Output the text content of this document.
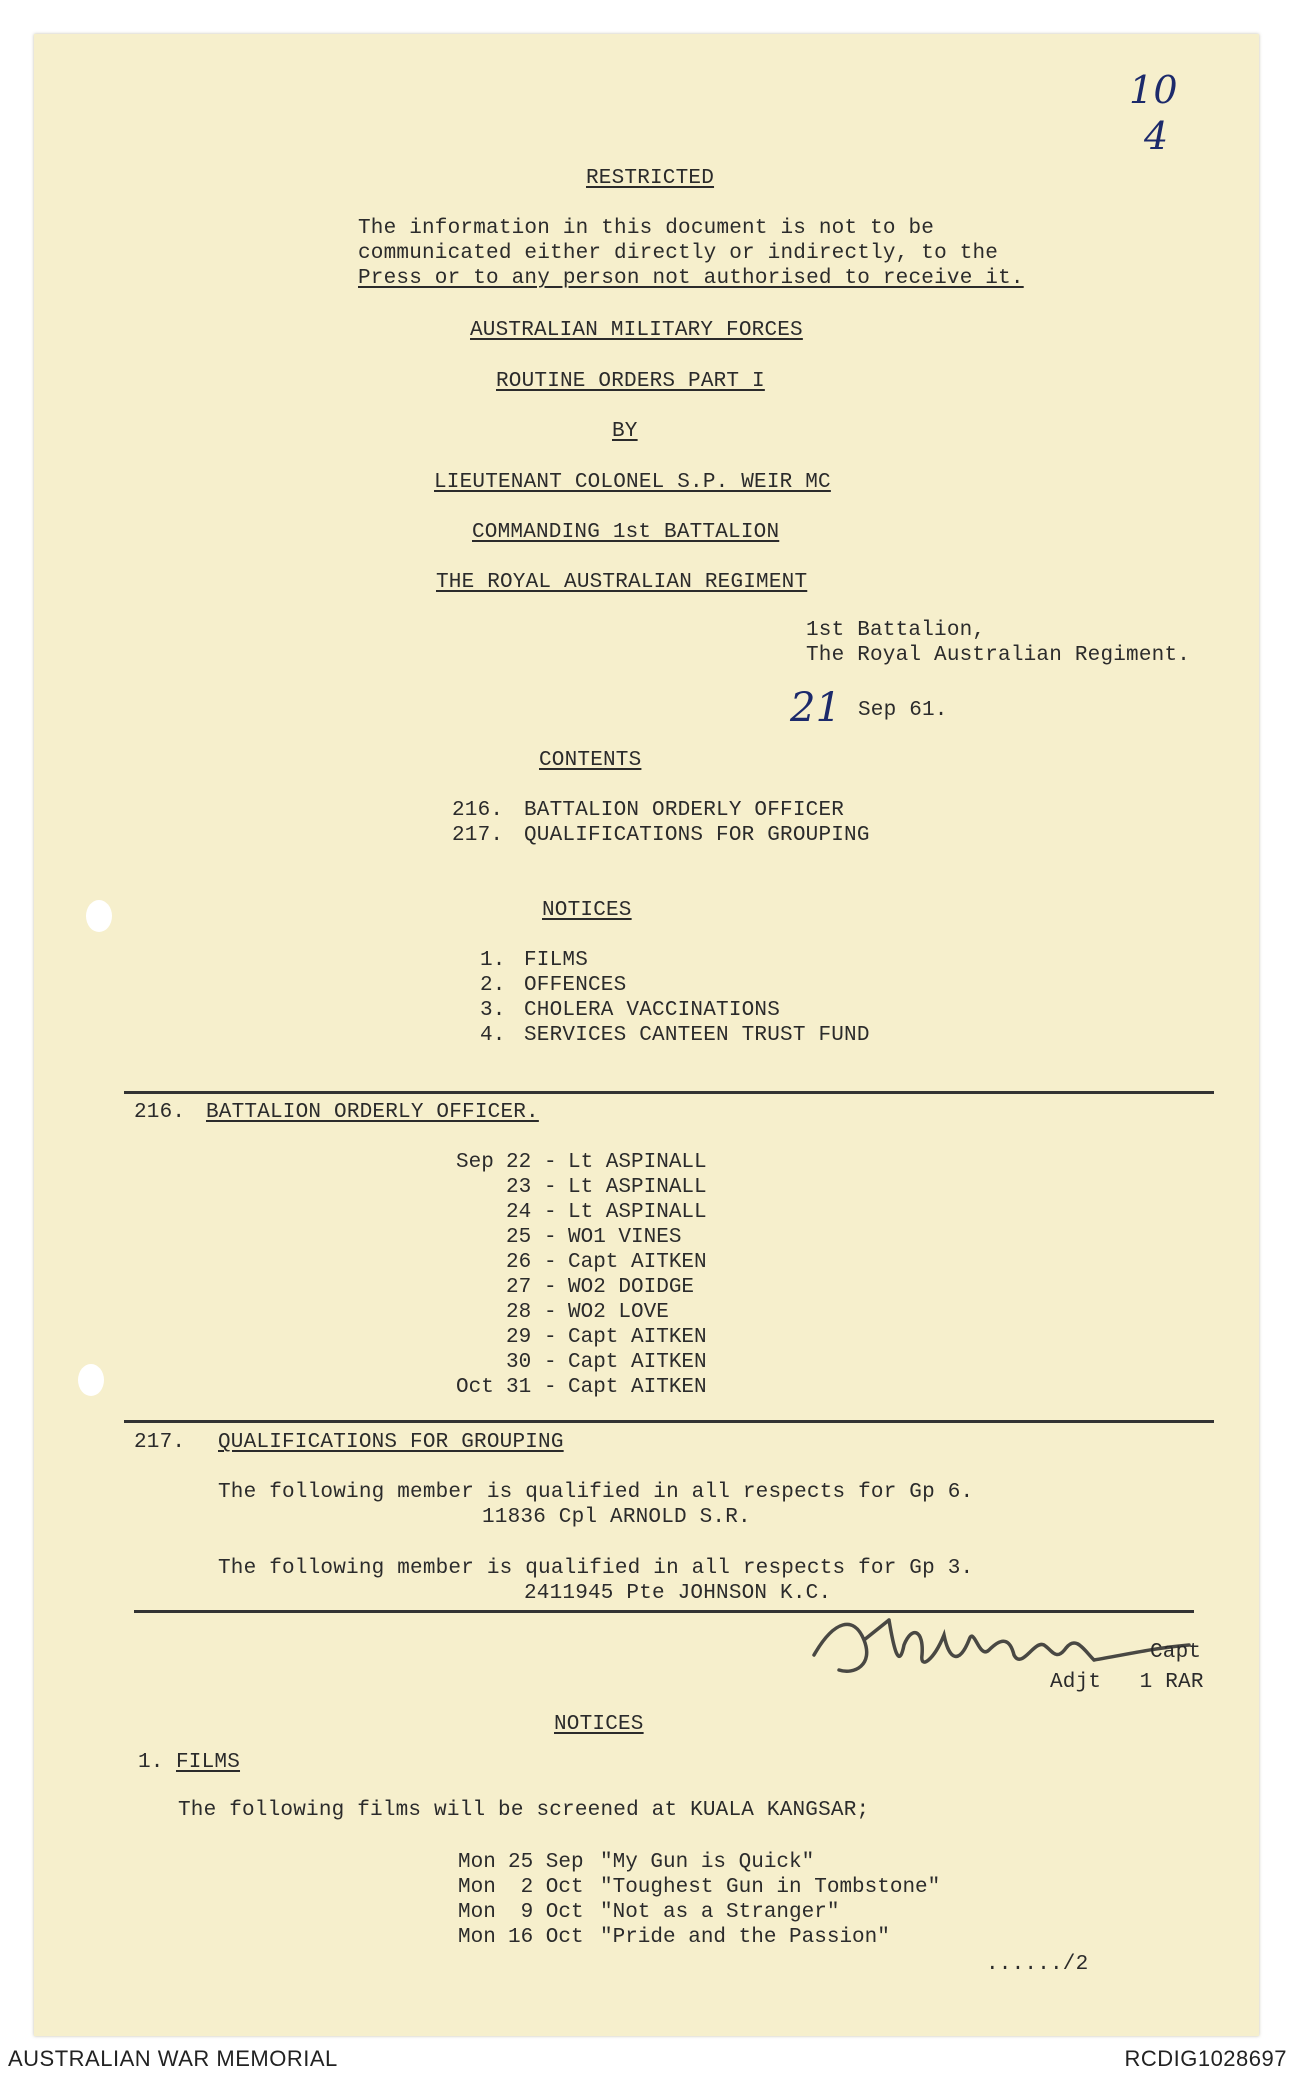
10
4
RESTRICTED
The information in this document is not to be
communicated either directly or indirectly, to the
Press or to any person not authorised to receive it.
AUSTRALIAN MILITARY FORCES
ROUTINE ORDERS PART I
BY
LIEUTENANT COLONEL S.P. WEIR MC
COMMANDING 1st BATTALION
THE ROYAL AUSTRALIAN REGIMENT
1st Battalion,
The Royal Australian Regiment.
21 Sep 61.
CONTENTS
216. BATTALION ORDERLY OFFICER
217. QUALIFICATIONS FOR GROUPING
NOTICES
1. FILMS
2. OFFENCES
3. CHOLERA VACCINATIONS
4. SERVICES CANTEEN TRUST FUND
216. BATTALION ORDERLY OFFICER.
Sep 22 - Lt ASPINALL
23 - Lt ASPINALL
24 - Lt ASPINALL
25 - WO1 VINES
26 - Capt AITKEN
27 - WO2 DOIDGE
28 - WO2 LOVE
29 - Capt AITKEN
30 - Capt AITKEN
Oct 31 - Capt AITKEN
217. QUALIFICATIONS FOR GROUPING
The following member is qualified in all respects for Gp 6.
11836 Cpl ARNOLD S.R.
The following member is qualified in all respects for Gp 3.
2411945 Pte JOHNSON K.C.
Capt
Adjt   1 RAR
NOTICES
1. FILMS
The following films will be screened at KUALA KANGSAR;
Mon 25 Sep "My Gun is Quick"
Mon 2 Oct "Toughest Gun in Tombstone"
Mon 9 Oct "Not as a Stranger"
Mon 16 Oct "Pride and the Passion"
....../2
AUSTRALIAN WAR MEMORIAL	RCDIG1028697
